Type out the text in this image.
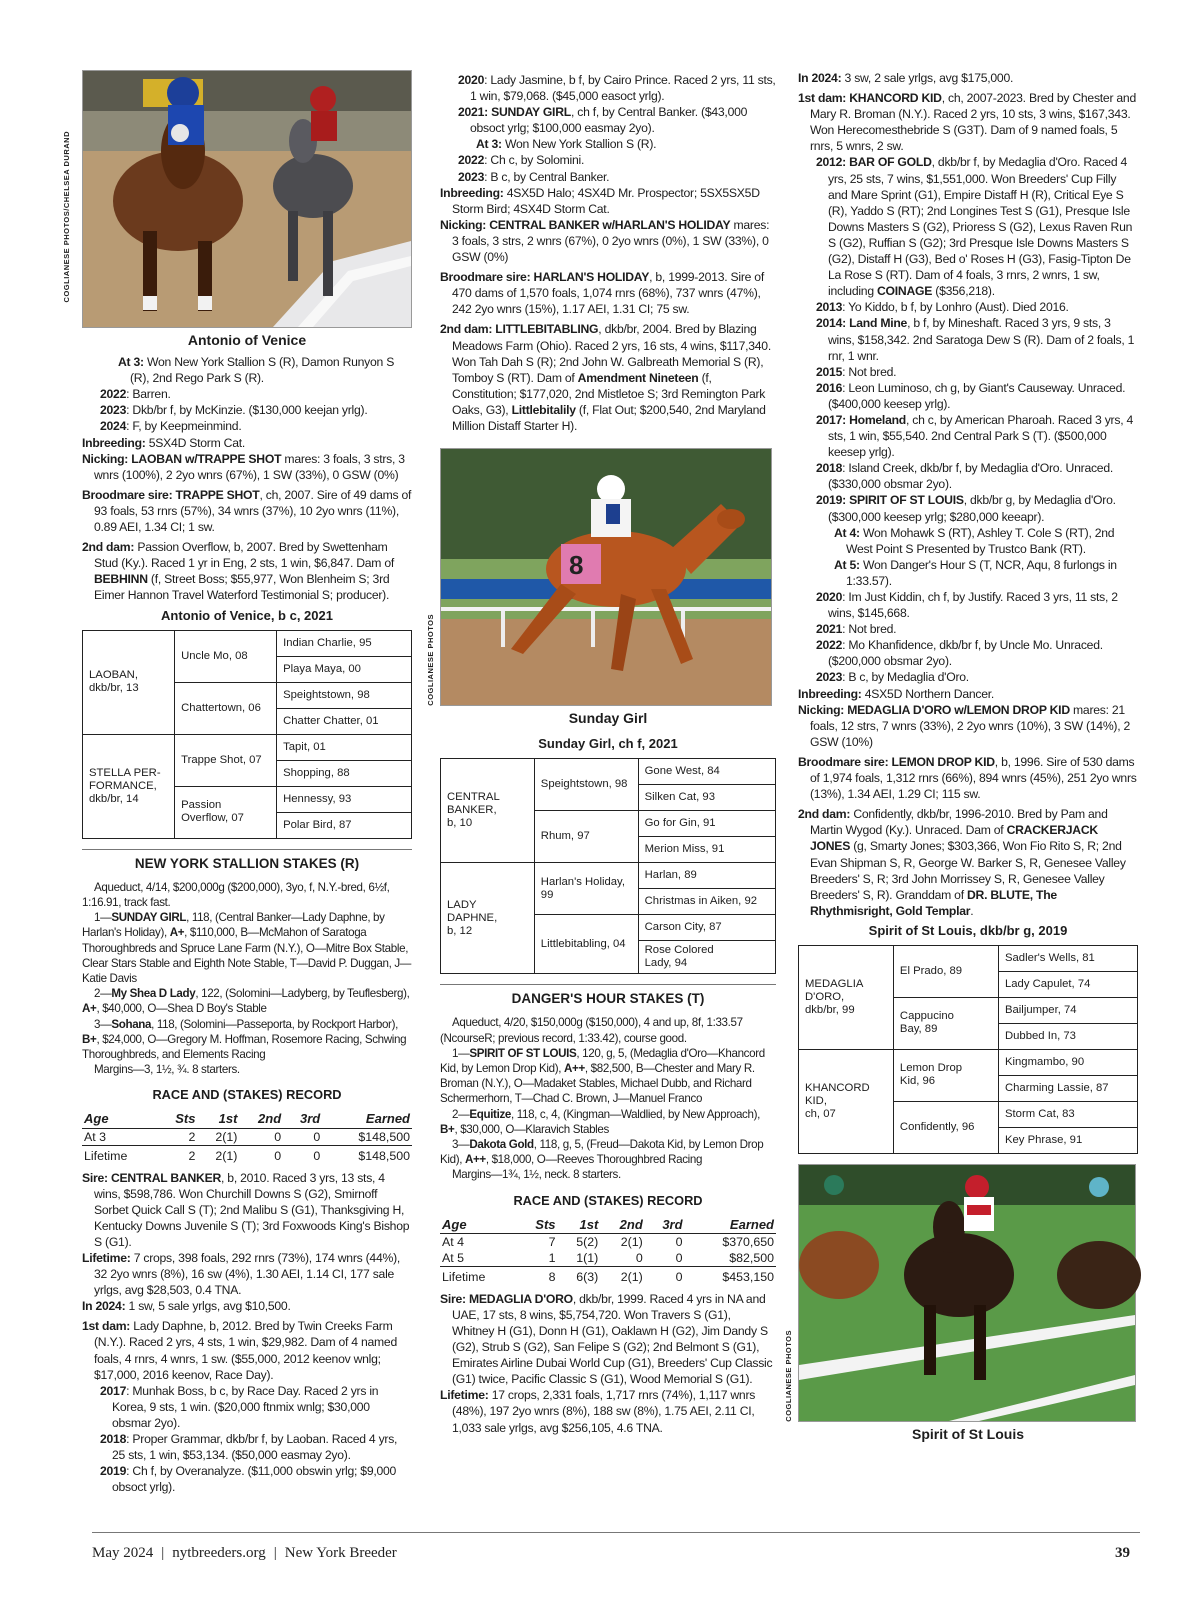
COGLIANESE PHOTOS/CHELSEA DURAND
Antonio of Venice

At 3: Won New York Stallion S (R), Damon Runyon S (R), 2nd Rego Park S (R).

2022: Barren.

2023: Dkb/br f, by McKinzie. ($130,000 keejan yrlg).

2024: F, by Keepmeinmind.

Inbreeding: 5SX4D Storm Cat.

Nicking: LAOBAN w/TRAPPE SHOT mares: 3 foals, 3 strs, 3 wnrs (100%), 2 2yo wnrs (67%), 1 SW (33%), 0 GSW (0%)

Broodmare sire: TRAPPE SHOT, ch, 2007. Sire of 49 dams of 93 foals, 53 rnrs (57%), 34 wnrs (37%), 10 2yo wnrs (11%), 0.89 AEI, 1.34 CI; 1 sw.

2nd dam: Passion Overflow, b, 2007. Bred by Swettenham Stud (Ky.). Raced 1 yr in Eng, 2 sts, 1 win, $6,847. Dam of BEBHINN (f, Street Boss; $55,977, Won Blenheim S; 3rd Eimer Hannon Travel Waterford Testimonial S; producer).

Antonio of Venice, b c, 2021
LAOBAN,
dkb/br, 13	Uncle Mo, 08	Indian Charlie, 95
		Playa Maya, 00
	Chattertown, 06	Speightstown, 98
		Chatter Chatter, 01
STELLA PER-
FORMANCE,
dkb/br, 14	Trappe Shot, 07	Tapit, 01
		Shopping, 88
	Passion
Overflow, 07	Hennessy, 93
		Polar Bird, 87
NEW YORK STALLION STAKES (R)

Aqueduct, 4/14, $200,000g ($200,000), 3yo, f, N.Y.-bred, 6½f, 1:16.91, track fast.

1—SUNDAY GIRL, 118, (Central Banker—Lady Daphne, by Harlan's Holiday), A+, $110,000, B—McMahon of Saratoga Thoroughbreds and Spruce Lane Farm (N.Y.), O—Mitre Box Stable, Clear Stars Stable and Eighth Note Stable, T—David P. Duggan, J—Katie Davis

2—My Shea D Lady, 122, (Solomini—Ladyberg, by Teuflesberg), A+, $40,000, O—Shea D Boy's Stable

3—Sohana, 118, (Solomini—Passeporta, by Rockport Harbor), B+, $24,000, O—Gregory M. Hoffman, Rosemore Racing, Schwing Thoroughbreds, and Elements Racing

Margins—3, 1½, ¾. 8 starters.

RACE AND (STAKES) RECORD
Age	Sts	1st	2nd	3rd	Earned
At 3	2	2(1)	0	0	$148,500
Lifetime	2	2(1)	0	0	$148,500

Sire: CENTRAL BANKER, b, 2010. Raced 3 yrs, 13 sts, 4 wins, $598,786. Won Churchill Downs S (G2), Smirnoff Sorbet Quick Call S (T); 2nd Malibu S (G1), Thanksgiving H, Kentucky Downs Juvenile S (T); 3rd Foxwoods King's Bishop S (G1).

Lifetime: 7 crops, 398 foals, 292 rnrs (73%), 174 wnrs (44%), 32 2yo wnrs (8%), 16 sw (4%), 1.30 AEI, 1.14 CI, 177 sale yrlgs, avg $28,503, 0.4 TNA.

In 2024: 1 sw, 5 sale yrlgs, avg $10,500.

1st dam: Lady Daphne, b, 2012. Bred by Twin Creeks Farm (N.Y.). Raced 2 yrs, 4 sts, 1 win, $29,982. Dam of 4 named foals, 4 rnrs, 4 wnrs, 1 sw. ($55,000, 2012 keenov wnlg; $17,000, 2016 keenov, Race Day).

2017: Munhak Boss, b c, by Race Day. Raced 2 yrs in Korea, 9 sts, 1 win. ($20,000 ftnmix wnlg; $30,000 obsmar 2yo).

2018: Proper Grammar, dkb/br f, by Laoban. Raced 4 yrs, 25 sts, 1 win, $53,134. ($50,000 easmay 2yo).

2019: Ch f, by Overanalyze. ($11,000 obswin yrlg; $9,000 obsoct yrlg).

2020: Lady Jasmine, b f, by Cairo Prince. Raced 2 yrs, 11 sts, 1 win, $79,068. ($45,000 easoct yrlg).

2021: SUNDAY GIRL, ch f, by Central Banker. ($43,000 obsoct yrlg; $100,000 easmay 2yo).

At 3: Won New York Stallion S (R).

2022: Ch c, by Solomini.

2023: B c, by Central Banker.

Inbreeding: 4SX5D Halo; 4SX4D Mr. Prospector; 5SX5SX5D Storm Bird; 4SX4D Storm Cat.

Nicking: CENTRAL BANKER w/HARLAN'S HOLIDAY mares: 3 foals, 3 strs, 2 wnrs (67%), 0 2yo wnrs (0%), 1 SW (33%), 0 GSW (0%)

Broodmare sire: HARLAN'S HOLIDAY, b, 1999-2013. Sire of 470 dams of 1,570 foals, 1,074 rnrs (68%), 737 wnrs (47%), 242 2yo wnrs (15%), 1.17 AEI, 1.31 CI; 75 sw.

2nd dam: LITTLEBITABLING, dkb/br, 2004. Bred by Blazing Meadows Farm (Ohio). Raced 2 yrs, 16 sts, 4 wins, $117,340. Won Tah Dah S (R); 2nd John W. Galbreath Memorial S (R), Tomboy S (RT). Dam of Amendment Nineteen (f, Constitution; $177,020, 2nd Mistletoe S; 3rd Remington Park Oaks, G3), Littlebitalily (f, Flat Out; $200,540, 2nd Maryland Million Distaff Starter H).

8
COGLIANESE PHOTOS
Sunday Girl
Sunday Girl, ch f, 2021
CENTRAL
BANKER,
b, 10	Speightstown, 98	Gone West, 84
		Silken Cat, 93
	Rhum, 97	Go for Gin, 91
		Merion Miss, 91
LADY
DAPHNE,
b, 12	Harlan's Holiday, 99	Harlan, 89
		Christmas in Aiken, 92
	Littlebitabling, 04	Carson City, 87
		Rose Colored
Lady, 94
DANGER'S HOUR STAKES (T)

Aqueduct, 4/20, $150,000g ($150,000), 4 and up, 8f, 1:33.57 (NcourseR; previous record, 1:33.42), course good.

1—SPIRIT OF ST LOUIS, 120, g, 5, (Medaglia d'Oro—Khancord Kid, by Lemon Drop Kid), A++, $82,500, B—Chester and Mary R. Broman (N.Y.), O—Madaket Stables, Michael Dubb, and Richard Schermerhorn, T—Chad C. Brown, J—Manuel Franco

2—Equitize, 118, c, 4, (Kingman—Waldlied, by New Approach), B+, $30,000, O—Klaravich Stables

3—Dakota Gold, 118, g, 5, (Freud—Dakota Kid, by Lemon Drop Kid), A++, $18,000, O—Reeves Thoroughbred Racing

Margins—1¾, 1½, neck. 8 starters.

RACE AND (STAKES) RECORD
Age	Sts	1st	2nd	3rd	Earned
At 4	7	5(2)	2(1)	0	$370,650
At 5	1	1(1)	0	0	$82,500
Lifetime	8	6(3)	2(1)	0	$453,150

Sire: MEDAGLIA D'ORO, dkb/br, 1999. Raced 4 yrs in NA and UAE, 17 sts, 8 wins, $5,754,720. Won Travers S (G1), Whitney H (G1), Donn H (G1), Oaklawn H (G2), Jim Dandy S (G2), Strub S (G2), San Felipe S (G2); 2nd Belmont S (G1), Emirates Airline Dubai World Cup (G1), Breeders' Cup Classic (G1) twice, Pacific Classic S (G1), Wood Memorial S (G1).

Lifetime: 17 crops, 2,331 foals, 1,717 rnrs (74%), 1,117 wnrs (48%), 197 2yo wnrs (8%), 188 sw (8%), 1.75 AEI, 2.11 CI, 1,033 sale yrlgs, avg $256,105, 4.6 TNA.

In 2024: 3 sw, 2 sale yrlgs, avg $175,000.

1st dam: KHANCORD KID, ch, 2007-2023. Bred by Chester and Mary R. Broman (N.Y.). Raced 2 yrs, 10 sts, 3 wins, $167,343. Won Herecomesthebride S (G3T). Dam of 9 named foals, 5 rnrs, 5 wnrs, 2 sw.

2012: BAR OF GOLD, dkb/br f, by Medaglia d'Oro. Raced 4 yrs, 25 sts, 7 wins, $1,551,000. Won Breeders' Cup Filly and Mare Sprint (G1), Empire Distaff H (R), Critical Eye S (R), Yaddo S (RT); 2nd Longines Test S (G1), Presque Isle Downs Masters S (G2), Prioress S (G2), Lexus Raven Run S (G2), Ruffian S (G2); 3rd Presque Isle Downs Masters S (G2), Distaff H (G3), Bed o' Roses H (G3), Fasig-Tipton De La Rose S (RT). Dam of 4 foals, 3 rnrs, 2 wnrs, 1 sw, including COINAGE ($356,218).

2013: Yo Kiddo, b f, by Lonhro (Aust). Died 2016.

2014: Land Mine, b f, by Mineshaft. Raced 3 yrs, 9 sts, 3 wins, $158,342. 2nd Saratoga Dew S (R). Dam of 2 foals, 1 rnr, 1 wnr.

2015: Not bred.

2016: Leon Luminoso, ch g, by Giant's Causeway. Unraced. ($400,000 keesep yrlg).

2017: Homeland, ch c, by American Pharoah. Raced 3 yrs, 4 sts, 1 win, $55,540. 2nd Central Park S (T). ($500,000 keesep yrlg).

2018: Island Creek, dkb/br f, by Medaglia d'Oro. Unraced. ($330,000 obsmar 2yo).

2019: SPIRIT OF ST LOUIS, dkb/br g, by Medaglia d'Oro. ($300,000 keesep yrlg; $280,000 keeapr).

At 4: Won Mohawk S (RT), Ashley T. Cole S (RT), 2nd West Point S Presented by Trustco Bank (RT).

At 5: Won Danger's Hour S (T, NCR, Aqu, 8 furlongs in 1:33.57).

2020: Im Just Kiddin, ch f, by Justify. Raced 3 yrs, 11 sts, 2 wins, $145,668.

2021: Not bred.

2022: Mo Khanfidence, dkb/br f, by Uncle Mo. Unraced. ($200,000 obsmar 2yo).

2023: B c, by Medaglia d'Oro.

Inbreeding: 4SX5D Northern Dancer.

Nicking: MEDAGLIA D'ORO w/LEMON DROP KID mares: 21 foals, 12 strs, 7 wnrs (33%), 2 2yo wnrs (10%), 3 SW (14%), 2 GSW (10%)

Broodmare sire: LEMON DROP KID, b, 1996. Sire of 530 dams of 1,974 foals, 1,312 rnrs (66%), 894 wnrs (45%), 251 2yo wnrs (13%), 1.34 AEI, 1.29 CI; 115 sw.

2nd dam: Confidently, dkb/br, 1996-2010. Bred by Pam and Martin Wygod (Ky.). Unraced. Dam of CRACKERJACK JONES (g, Smarty Jones; $303,366, Won Fio Rito S, R; 2nd Evan Shipman S, R, George W. Barker S, R, Genesee Valley Breeders' S, R; 3rd John Morrissey S, R, Genesee Valley Breeders' S, R). Granddam of DR. BLUTE, The Rhythmisright, Gold Templar.

Spirit of St Louis, dkb/br g, 2019
MEDAGLIA
D'ORO,
dkb/br, 99	El Prado, 89	Sadler's Wells, 81
		Lady Capulet, 74
	Cappucino
Bay, 89	Bailjumper, 74
		Dubbed In, 73
KHANCORD
KID,
ch, 07	Lemon Drop
Kid, 96	Kingmambo, 90
		Charming Lassie, 87
	Confidently, 96	Storm Cat, 83
		Key Phrase, 91
COGLIANESE PHOTOS
Spirit of St Louis
May 2024 | nytbreeders.org | New York Breeder	39
